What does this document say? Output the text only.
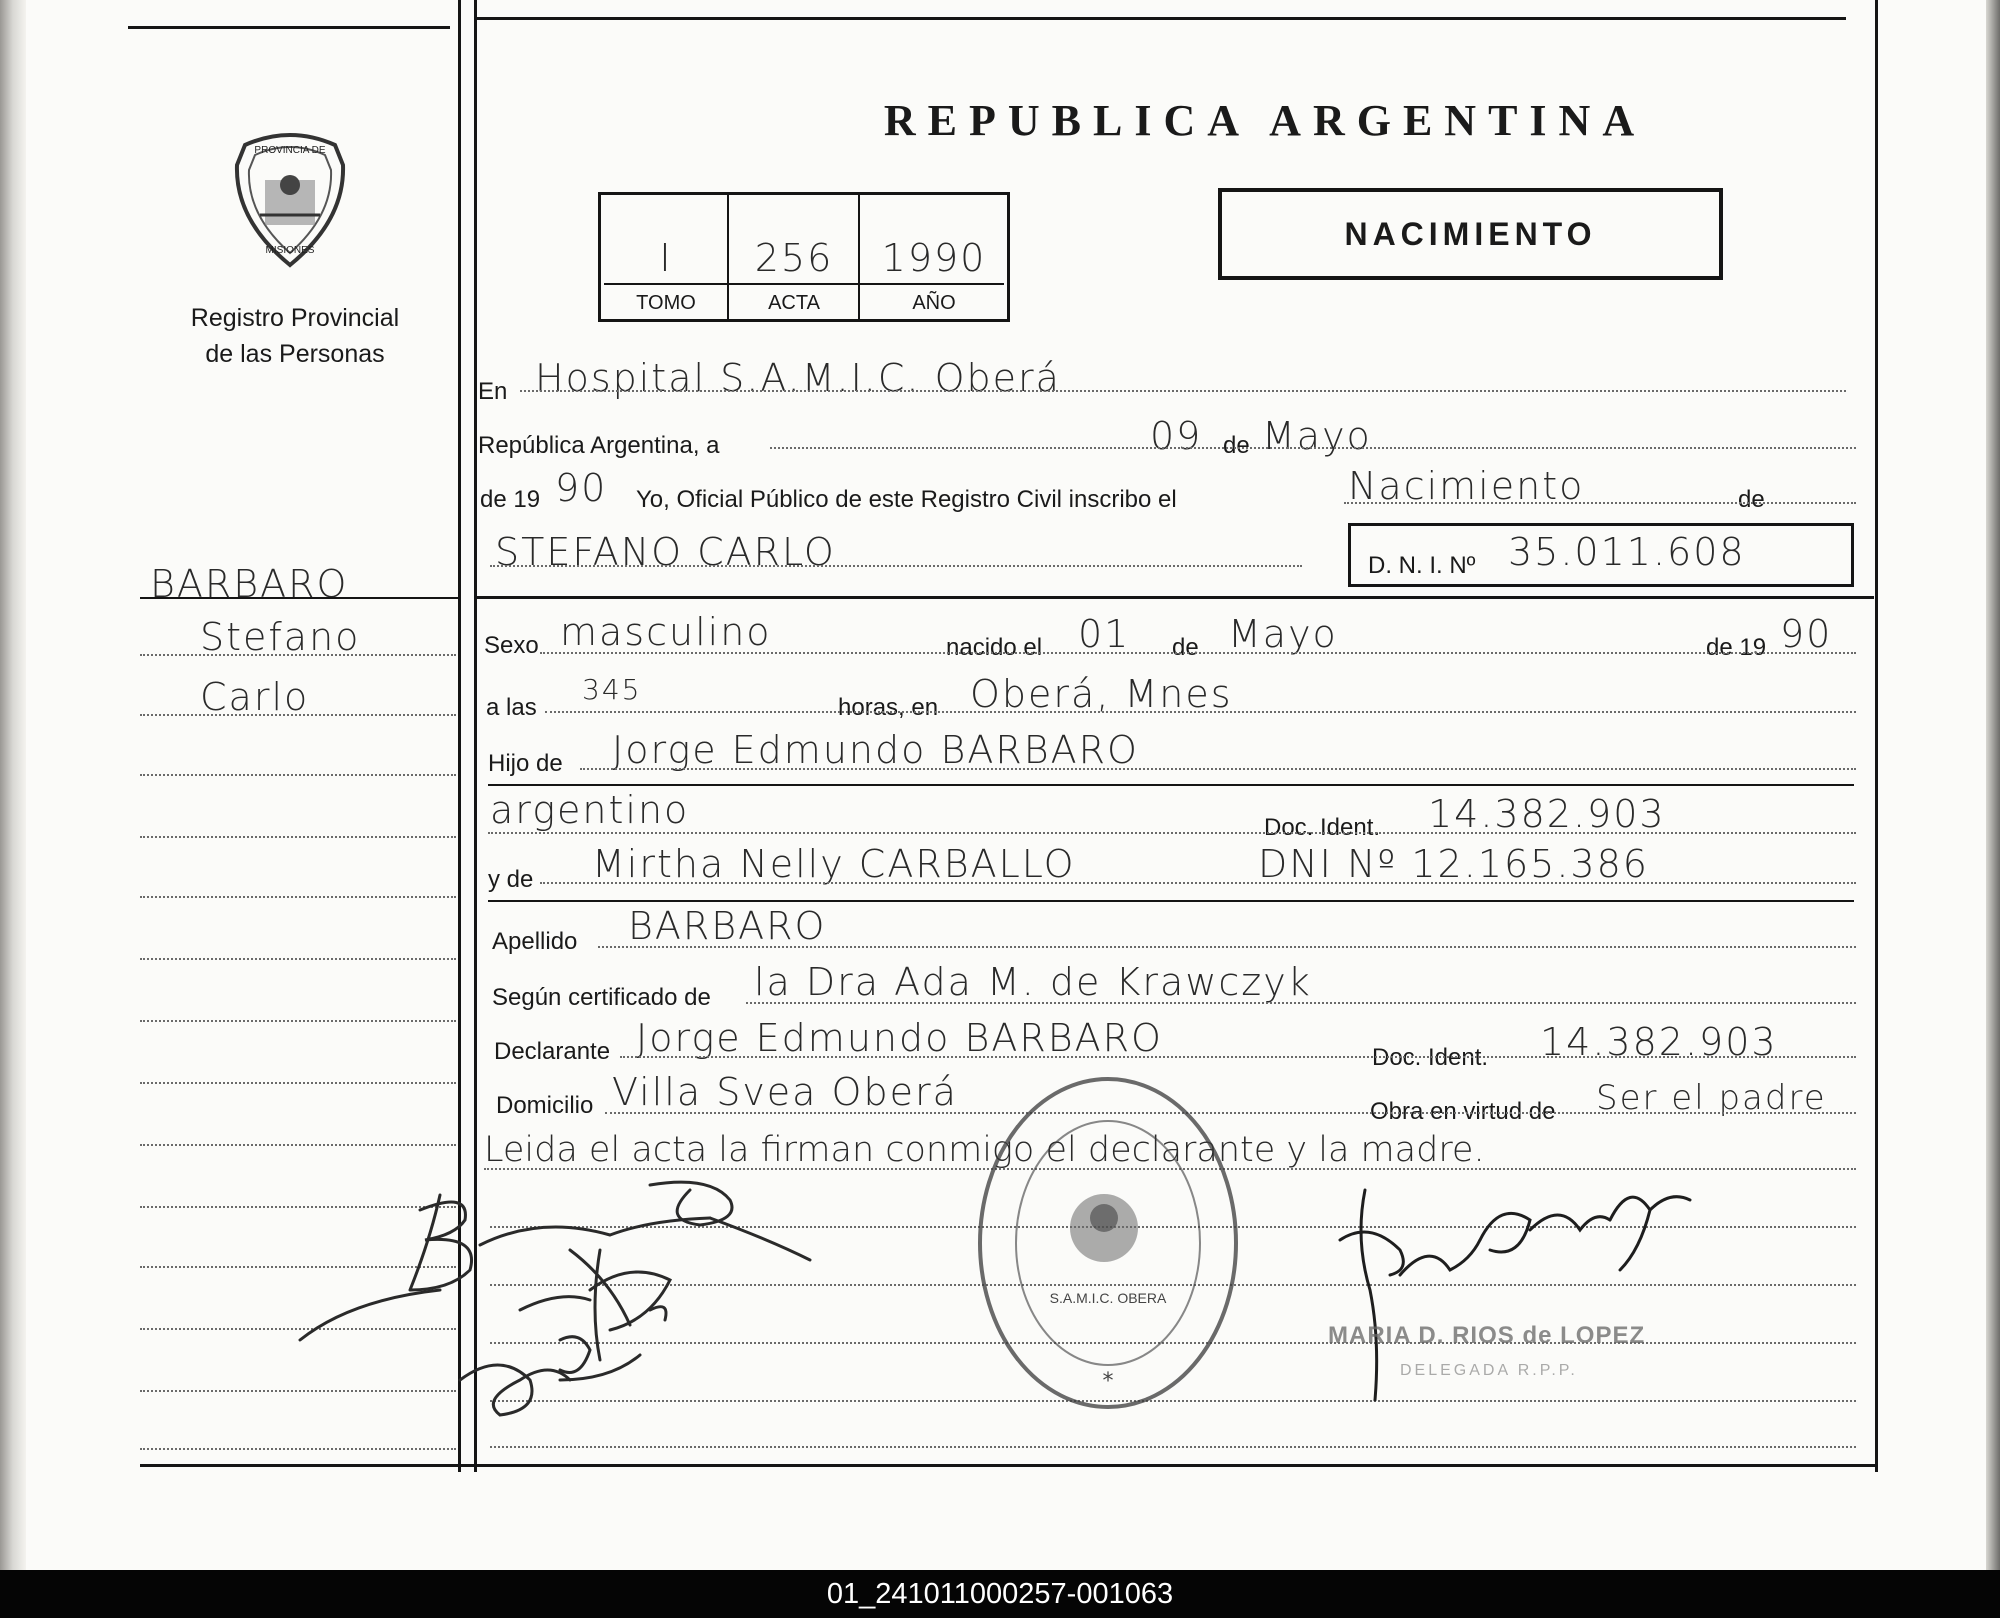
PROVINCIA DE
MISIONES
Registro Provincial
de las Personas
REPUBLICA ARGENTINA
I	256	1990
TOMO	ACTA	AÑO
NACIMIENTO
BARBARO
Stefano
Carlo
En Hospital S.A.M.I.C. Oberá
República Argentina, a	09 de Mayo
de 19 90 Yo, Oficial Público de este Registro Civil inscribo el	Nacimiento	de
STEFANO CARLO	D. N. I. Nº 35.011.608
Sexo masculino	nacido el 01 de Mayo	de 19 90
a las
345
horas, en Oberá, Mnes
Hijo de Jorge Edmundo BARBARO
argentino	Doc. Ident. 14.382.903
y de Mirtha Nelly CARBALLO	DNI Nº 12.165.386
Apellido BARBARO
Según certificado de la Dra Ada M. de Krawczyk
Declarante Jorge Edmundo BARBARO	Doc. Ident. 14.382.903
Domicilio Villa Svea Oberá	Obra en virtud de Ser el padre
Leida el acta la firman conmigo el declarante y la madre.
S.A.M.I.C. OBERA
*
MARIA D. RIOS de LOPEZ
DELEGADA R.P.P.
01_241011000257-001063
